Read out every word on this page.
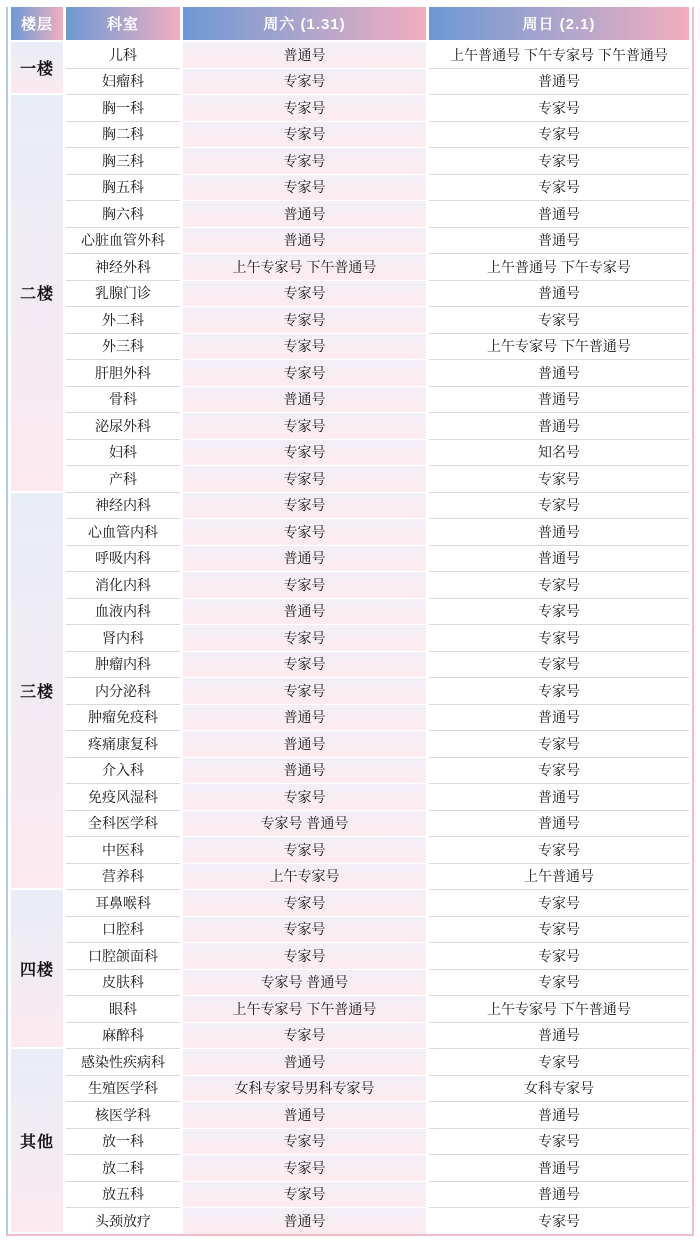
楼层	科室	周六 (1.31)	周日 (2.1)
一楼	儿科	普通号	上午普通号 下午专家号 下午普通号
	妇瘤科	专家号	普通号
二楼	胸一科	专家号	专家号
	胸二科	专家号	专家号
	胸三科	专家号	专家号
	胸五科	专家号	专家号
	胸六科	普通号	普通号
	心脏血管外科	普通号	普通号
	神经外科	上午专家号 下午普通号	上午普通号 下午专家号
	乳腺门诊	专家号	普通号
	外二科	专家号	专家号
	外三科	专家号	上午专家号 下午普通号
	肝胆外科	专家号	普通号
	骨科	普通号	普通号
	泌尿外科	专家号	普通号
	妇科	专家号	知名号
	产科	专家号	专家号
三楼	神经内科	专家号	专家号
	心血管内科	专家号	普通号
	呼吸内科	普通号	普通号
	消化内科	专家号	专家号
	血液内科	普通号	专家号
	肾内科	专家号	专家号
	肿瘤内科	专家号	专家号
	内分泌科	专家号	专家号
	肿瘤免疫科	普通号	普通号
	疼痛康复科	普通号	专家号
	介入科	普通号	专家号
	免疫风湿科	专家号	普通号
	全科医学科	专家号 普通号	普通号
	中医科	专家号	专家号
	营养科	上午专家号	上午普通号
四楼	耳鼻喉科	专家号	专家号
	口腔科	专家号	专家号
	口腔颌面科	专家号	专家号
	皮肤科	专家号 普通号	专家号
	眼科	上午专家号 下午普通号	上午专家号 下午普通号
	麻醉科	专家号	普通号
其他	感染性疾病科	普通号	专家号
	生殖医学科	女科专家号男科专家号	女科专家号
	核医学科	普通号	普通号
	放一科	专家号	专家号
	放二科	专家号	普通号
	放五科	专家号	普通号
	头颈放疗	普通号	专家号
